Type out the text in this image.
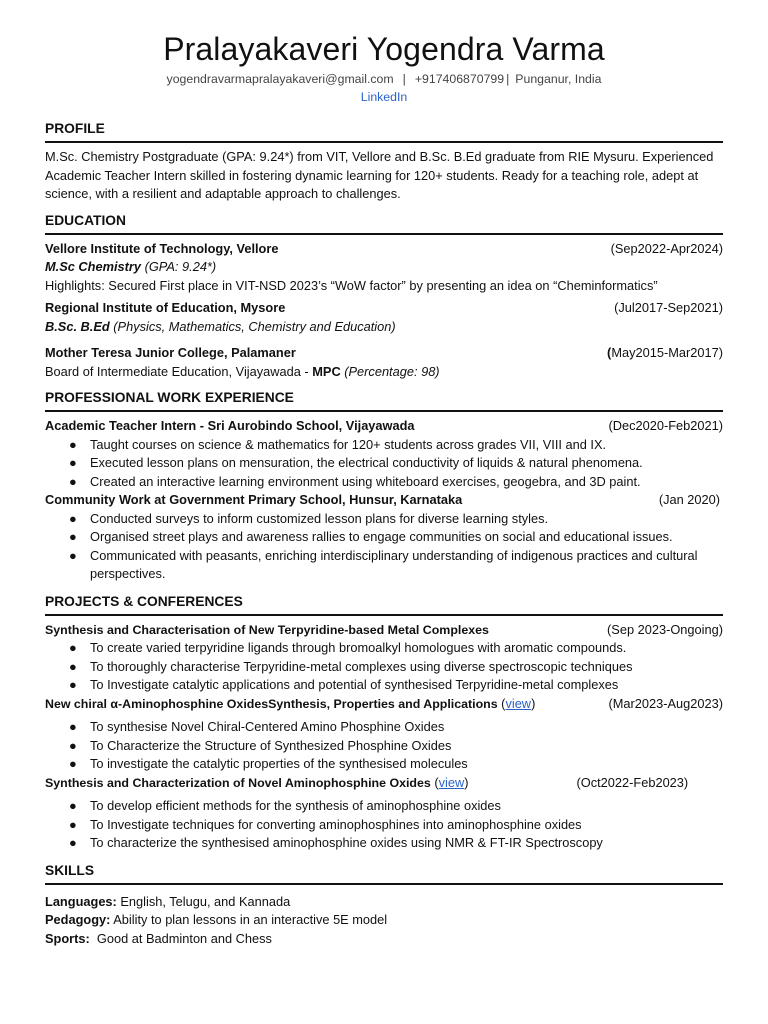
Pralayakaveri Yogendra Varma
yogendravarmapralayakaveri@gmail.com | +917406870799 | Punganur, India
LinkedIn
PROFILE

M.Sc. Chemistry Postgraduate (GPA: 9.24*) from VIT, Vellore and B.Sc. B.Ed graduate from RIE Mysuru. Experienced Academic Teacher Intern skilled in fostering dynamic learning for 120+ students. Ready for a teaching role, adept at science, with a resilient and adaptable approach to challenges.

EDUCATION
Vellore Institute of Technology, Vellore	(Sep2022-Apr2024)
M.Sc Chemistry (GPA: 9.24*)
Highlights: Secured First place in VIT-NSD 2023’s “WoW factor” by presenting an idea on “Cheminformatics”
Regional Institute of Education, Mysore	(Jul2017-Sep2021)
B.Sc. B.Ed (Physics, Mathematics, Chemistry and Education)
Mother Teresa Junior College, Palamaner	(May2015-Mar2017)
Board of Intermediate Education, Vijayawada - MPC (Percentage: 98)
PROFESSIONAL WORK EXPERIENCE
Academic Teacher Intern - Sri Aurobindo School, Vijayawada	(Dec2020-Feb2021)
● Taught courses on science & mathematics for 120+ students across grades VII, VIII and IX.
● Executed lesson plans on mensuration, the electrical conductivity of liquids & natural phenomena.
● Created an interactive learning environment using whiteboard exercises, geogebra, and 3D paint.
Community Work at Government Primary School, Hunsur, Karnataka	(Jan 2020)
● Conducted surveys to inform customized lesson plans for diverse learning styles.
● Organised street plays and awareness rallies to engage communities on social and educational issues.
● Communicated with peasants, enriching interdisciplinary understanding of indigenous practices and cultural perspectives.
PROJECTS & CONFERENCES
Synthesis and Characterisation of New Terpyridine-based Metal Complexes	(Sep 2023-Ongoing)
● To create varied terpyridine ligands through bromoalkyl homologues with aromatic compounds.
● To thoroughly characterise Terpyridine-metal complexes using diverse spectroscopic techniques
● To Investigate catalytic applications and potential of synthesised Terpyridine-metal complexes
New chiral α-Aminophosphine OxidesSynthesis, Properties and Applications (view)	(Mar2023-Aug2023)
● To synthesise Novel Chiral-Centered Amino Phosphine Oxides
● To Characterize the Structure of Synthesized Phosphine Oxides
● To investigate the catalytic properties of the synthesised molecules
Synthesis and Characterization of Novel Aminophosphine Oxides (view)	(Oct2022-Feb2023)
● To develop efficient methods for the synthesis of aminophosphine oxides
● To Investigate techniques for converting aminophosphines into aminophosphine oxides
● To characterize the synthesised aminophosphine oxides using NMR & FT-IR Spectroscopy
SKILLS

Languages: English, Telugu, and Kannada

Pedagogy: Ability to plan lessons in an interactive 5E model

Sports:  Good at Badminton and Chess
